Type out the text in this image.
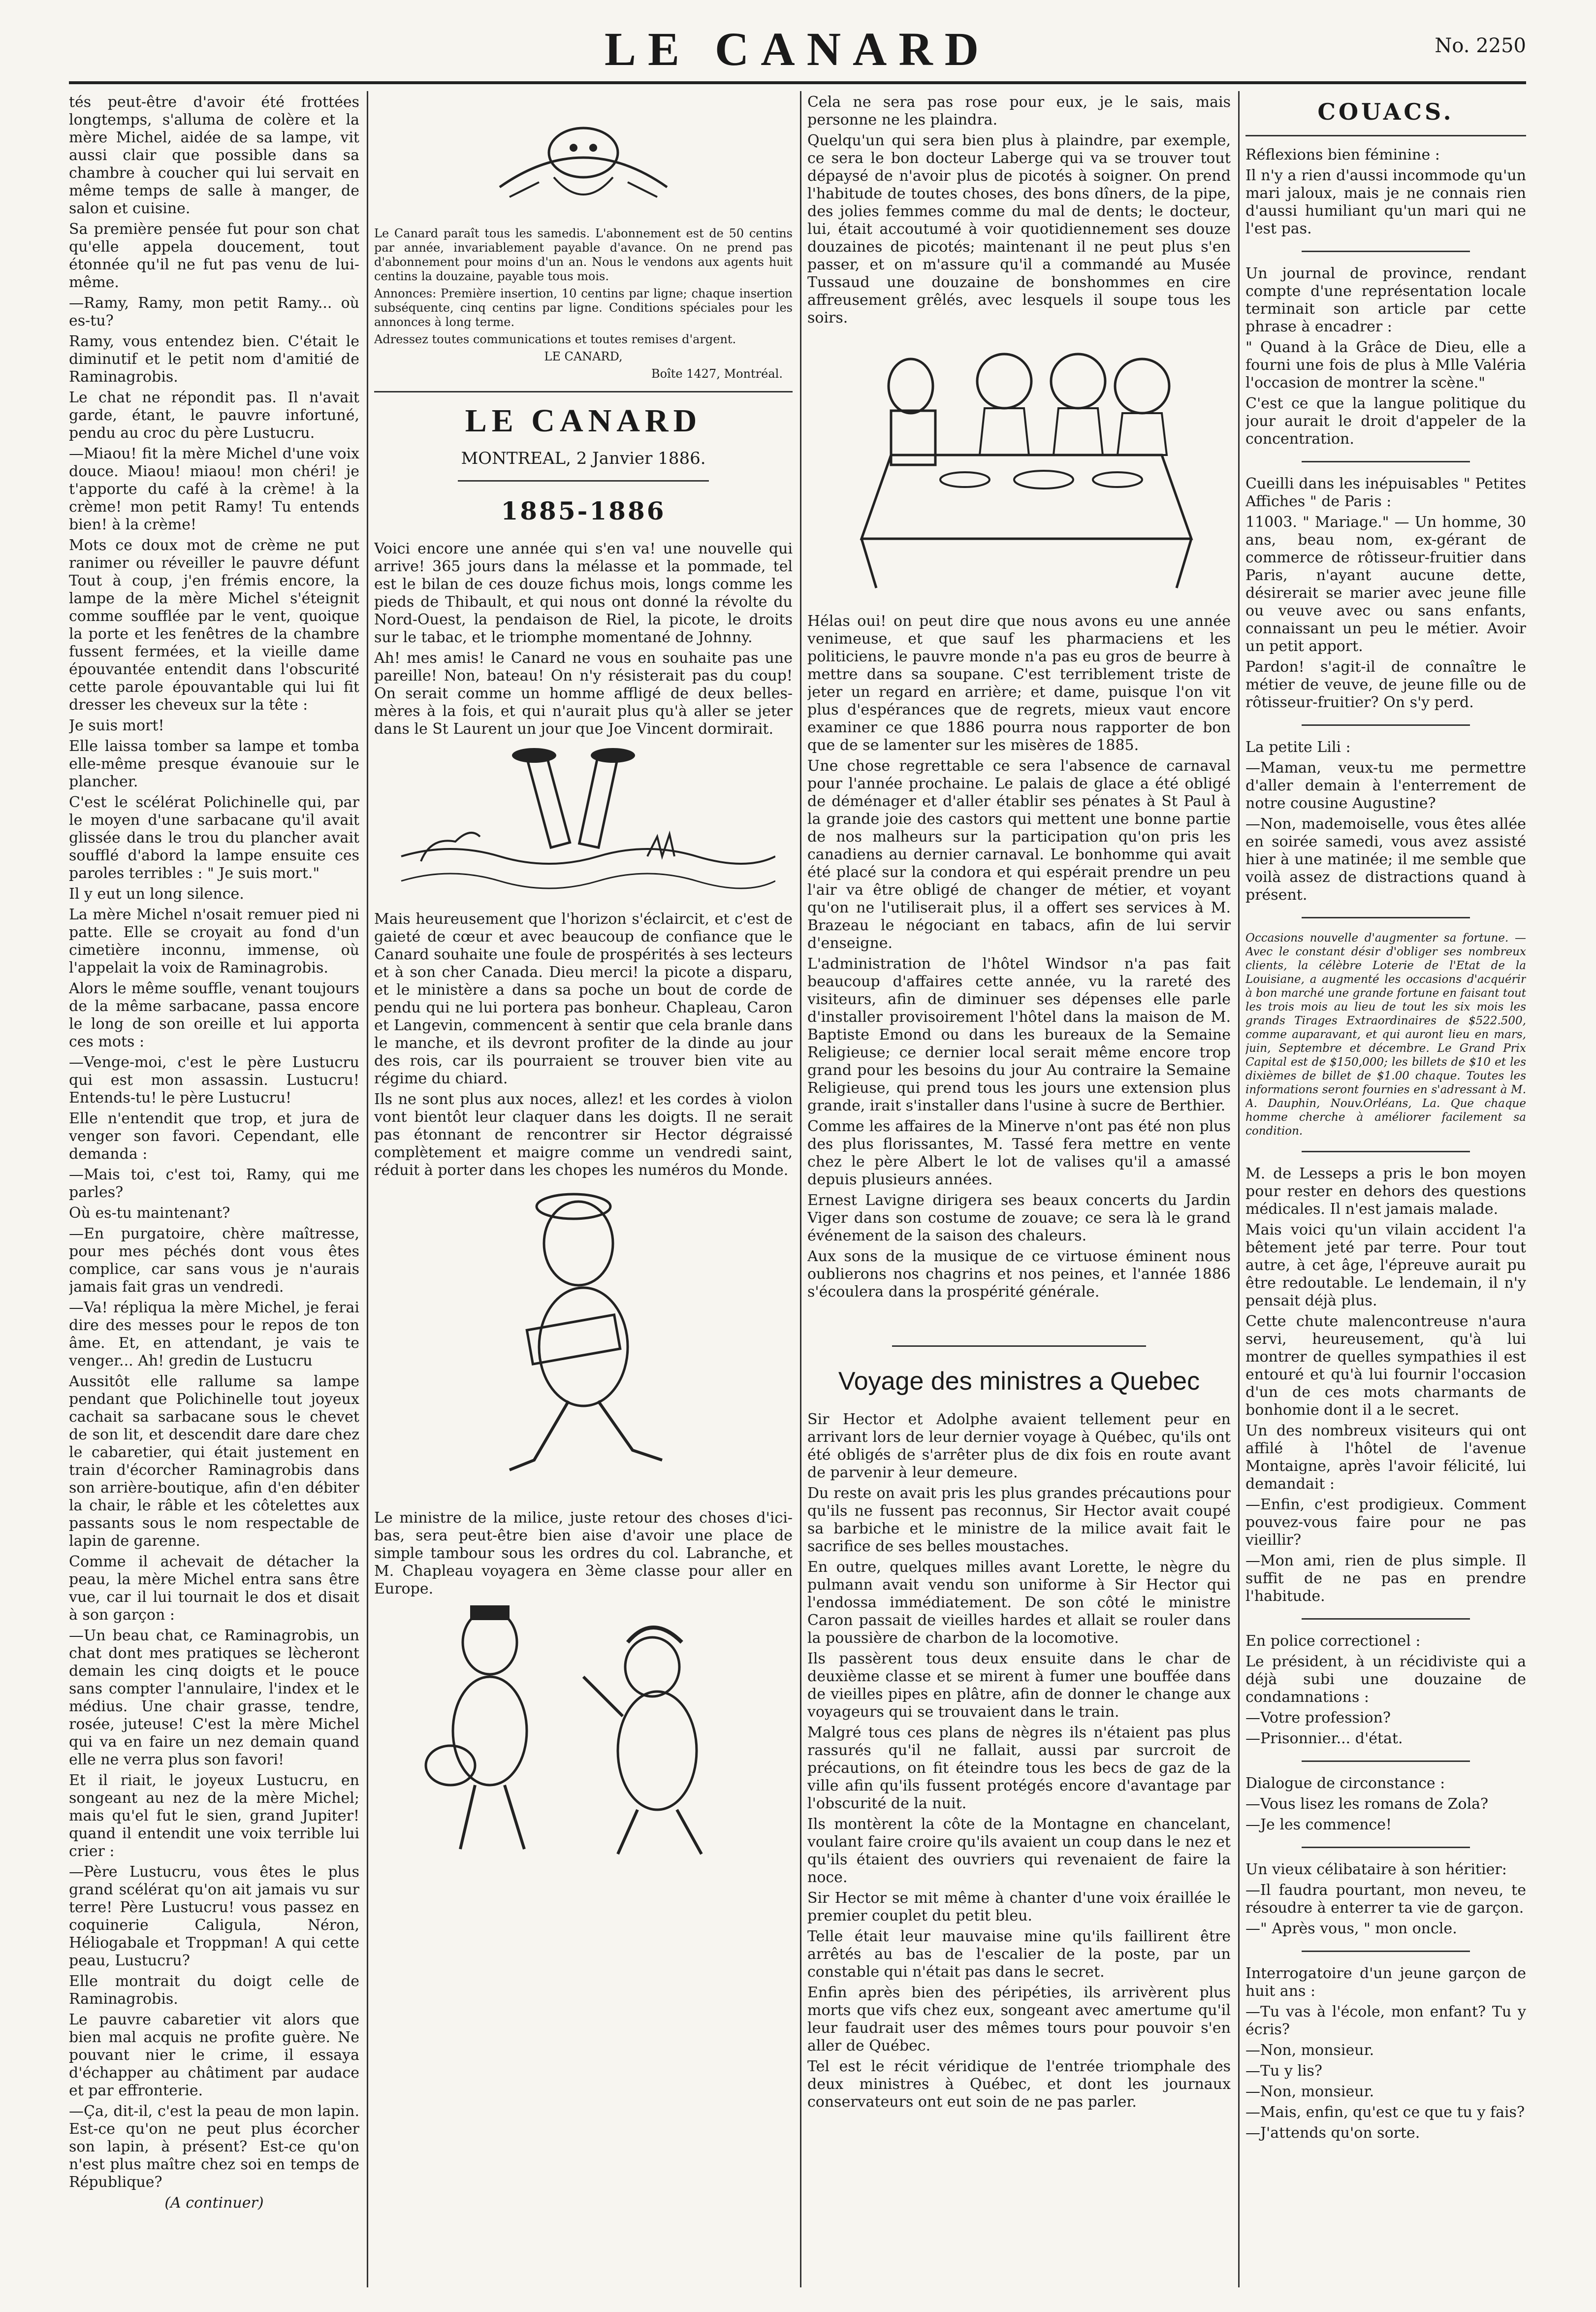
LE CANARD	No. 2250

tés peut-être d'avoir été frottées longtemps, s'alluma de colère et la mère Michel, aidée de sa lampe, vit aussi clair que possible dans sa chambre à coucher qui lui servait en même temps de salle à manger, de salon et cuisine.

Sa première pensée fut pour son chat qu'elle appela doucement, tout étonnée qu'il ne fut pas venu de lui-même.

—Ramy, Ramy, mon petit Ramy... où es-tu?

Ramy, vous entendez bien. C'était le diminutif et le petit nom d'amitié de Raminagrobis.

Le chat ne répondit pas. Il n'avait garde, étant, le pauvre infortuné, pendu au croc du père Lustucru.

—Miaou! fit la mère Michel d'une voix douce. Miaou! miaou! mon chéri! je t'apporte du café à la crème! à la crème! mon petit Ramy! Tu entends bien! à la crème!

Mots ce doux mot de crème ne put ranimer ou réveiller le pauvre défunt Tout à coup, j'en frémis encore, la lampe de la mère Michel s'éteignit comme soufflée par le vent, quoique la porte et les fenêtres de la chambre fussent fermées, et la vieille dame épouvantée entendit dans l'obscurité cette parole épouvantable qui lui fit dresser les cheveux sur la tête :

Je suis mort!

Elle laissa tomber sa lampe et tomba elle-même presque évanouie sur le plancher.

C'est le scélérat Polichinelle qui, par le moyen d'une sarbacane qu'il avait glissée dans le trou du plancher avait soufflé d'abord la lampe ensuite ces paroles terribles : " Je suis mort."

Il y eut un long silence.

La mère Michel n'osait remuer pied ni patte. Elle se croyait au fond d'un cimetière inconnu, immense, où l'appelait la voix de Raminagrobis.

Alors le même souffle, venant toujours de la même sarbacane, passa encore le long de son oreille et lui apporta ces mots :

—Venge-moi, c'est le père Lustucru qui est mon assassin. Lustucru! Entends-tu! le père Lustucru!

Elle n'entendit que trop, et jura de venger son favori. Cependant, elle demanda :

—Mais toi, c'est toi, Ramy, qui me parles?

Où es-tu maintenant?

—En purgatoire, chère maîtresse, pour mes péchés dont vous êtes complice, car sans vous je n'aurais jamais fait gras un vendredi.

—Va! répliqua la mère Michel, je ferai dire des messes pour le repos de ton âme. Et, en attendant, je vais te venger... Ah! gredin de Lustucru

Aussitôt elle rallume sa lampe pendant que Polichinelle tout joyeux cachait sa sarbacane sous le chevet de son lit, et descendit dare dare chez le cabaretier, qui était justement en train d'écorcher Raminagrobis dans son arrière-boutique, afin d'en débiter la chair, le râble et les côtelettes aux passants sous le nom respectable de lapin de garenne.

Comme il achevait de détacher la peau, la mère Michel entra sans être vue, car il lui tournait le dos et disait à son garçon :

—Un beau chat, ce Raminagrobis, un chat dont mes pratiques se lècheront demain les cinq doigts et le pouce sans compter l'annulaire, l'index et le médius. Une chair grasse, tendre, rosée, juteuse! C'est la mère Michel qui va en faire un nez demain quand elle ne verra plus son favori!

Et il riait, le joyeux Lustucru, en songeant au nez de la mère Michel; mais qu'el fut le sien, grand Jupiter! quand il entendit une voix terrible lui crier :

—Père Lustucru, vous êtes le plus grand scélérat qu'on ait jamais vu sur terre! Père Lustucru! vous passez en coquinerie Caligula, Néron, Héliogabale et Troppman! A qui cette peau, Lustucru?

Elle montrait du doigt celle de Raminagrobis.

Le pauvre cabaretier vit alors que bien mal acquis ne profite guère. Ne pouvant nier le crime, il essaya d'échapper au châtiment par audace et par effronterie.

—Ça, dit-il, c'est la peau de mon lapin. Est-ce qu'on ne peut plus écorcher son lapin, à présent? Est-ce qu'on n'est plus maître chez soi en temps de République?

(A continuer)

Le Canard paraît tous les samedis. L'abonnement est de 50 centins par année, invariablement payable d'avance. On ne prend pas d'abonnement pour moins d'un an. Nous le vendons aux agents huit centins la douzaine, payable tous mois.

Annonces: Première insertion, 10 centins par ligne; chaque insertion subséquente, cinq centins par ligne. Conditions spéciales pour les annonces à long terme.

Adressez toutes communications et toutes remises d'argent.

LE CANARD,

Boîte 1427, Montréal.

LE CANARD

MONTREAL, 2 Janvier 1886.

1885-1886

Voici encore une année qui s'en va! une nouvelle qui arrive! 365 jours dans la mélasse et la pommade, tel est le bilan de ces douze fichus mois, longs comme les pieds de Thibault, et qui nous ont donné la révolte du Nord-Ouest, la pendaison de Riel, la picote, le droits sur le tabac, et le triomphe momentané de Johnny.

Ah! mes amis! le Canard ne vous en souhaite pas une pareille! Non, bateau! On n'y résisterait pas du coup! On serait comme un homme affligé de deux belles-mères à la fois, et qui n'aurait plus qu'à aller se jeter dans le St Laurent un jour que Joe Vincent dormirait.

Mais heureusement que l'horizon s'éclaircit, et c'est de gaieté de cœur et avec beaucoup de confiance que le Canard souhaite une foule de prospérités à ses lecteurs et à son cher Canada. Dieu merci! la picote a disparu, et le ministère a dans sa poche un bout de corde de pendu qui ne lui portera pas bonheur. Chapleau, Caron et Langevin, commencent à sentir que cela branle dans le manche, et ils devront profiter de la dinde au jour des rois, car ils pourraient se trouver bien vite au régime du chiard.

Ils ne sont plus aux noces, allez! et les cordes à violon vont bientôt leur claquer dans les doigts. Il ne serait pas étonnant de rencontrer sir Hector dégraissé complètement et maigre comme un vendredi saint, réduit à porter dans les chopes les numéros du Monde.

Le ministre de la milice, juste retour des choses d'ici-bas, sera peut-être bien aise d'avoir une place de simple tambour sous les ordres du col. Labranche, et M. Chapleau voyagera en 3ème classe pour aller en Europe.

Cela ne sera pas rose pour eux, je le sais, mais personne ne les plaindra.

Quelqu'un qui sera bien plus à plaindre, par exemple, ce sera le bon docteur Laberge qui va se trouver tout dépaysé de n'avoir plus de picotés à soigner. On prend l'habitude de toutes choses, des bons dîners, de la pipe, des jolies femmes comme du mal de dents; le docteur, lui, était accoutumé à voir quotidiennement ses douze douzaines de picotés; maintenant il ne peut plus s'en passer, et on m'assure qu'il a commandé au Musée Tussaud une douzaine de bonshommes en cire affreusement grêlés, avec lesquels il soupe tous les soirs.

Hélas oui! on peut dire que nous avons eu une année venimeuse, et que sauf les pharmaciens et les politiciens, le pauvre monde n'a pas eu gros de beurre à mettre dans sa soupane. C'est terriblement triste de jeter un regard en arrière; et dame, puisque l'on vit plus d'espérances que de regrets, mieux vaut encore examiner ce que 1886 pourra nous rapporter de bon que de se lamenter sur les misères de 1885.

Une chose regrettable ce sera l'absence de carnaval pour l'année prochaine. Le palais de glace a été obligé de déménager et d'aller établir ses pénates à St Paul à la grande joie des castors qui mettent une bonne partie de nos malheurs sur la participation qu'on pris les canadiens au dernier carnaval. Le bonhomme qui avait été placé sur la condora et qui espérait prendre un peu l'air va être obligé de changer de métier, et voyant qu'on ne l'utiliserait plus, il a offert ses services à M. Brazeau le négociant en tabacs, afin de lui servir d'enseigne.

L'administration de l'hôtel Windsor n'a pas fait beaucoup d'affaires cette année, vu la rareté des visiteurs, afin de diminuer ses dépenses elle parle d'installer provisoirement l'hôtel dans la maison de M. Baptiste Emond ou dans les bureaux de la Semaine Religieuse; ce dernier local serait même encore trop grand pour les besoins du jour Au contraire la Semaine Religieuse, qui prend tous les jours une extension plus grande, irait s'installer dans l'usine à sucre de Berthier.

Comme les affaires de la Minerve n'ont pas été non plus des plus florissantes, M. Tassé fera mettre en vente chez le père Albert le lot de valises qu'il a amassé depuis plusieurs années.

Ernest Lavigne dirigera ses beaux concerts du Jardin Viger dans son costume de zouave; ce sera là le grand événement de la saison des chaleurs.

Aux sons de la musique de ce virtuose éminent nous oublierons nos chagrins et nos peines, et l'année 1886 s'écoulera dans la prospérité générale.

Voyage des ministres a Quebec

Sir Hector et Adolphe avaient tellement peur en arrivant lors de leur dernier voyage à Québec, qu'ils ont été obligés de s'arrêter plus de dix fois en route avant de parvenir à leur demeure.

Du reste on avait pris les plus grandes précautions pour qu'ils ne fussent pas reconnus, Sir Hector avait coupé sa barbiche et le ministre de la milice avait fait le sacrifice de ses belles moustaches.

En outre, quelques milles avant Lorette, le nègre du pulmann avait vendu son uniforme à Sir Hector qui l'endossa immédiatement. De son côté le ministre Caron passait de vieilles hardes et allait se rouler dans la poussière de charbon de la locomotive.

Ils passèrent tous deux ensuite dans le char de deuxième classe et se mirent à fumer une bouffée dans de vieilles pipes en plâtre, afin de donner le change aux voyageurs qui se trouvaient dans le train.

Malgré tous ces plans de nègres ils n'étaient pas plus rassurés qu'il ne fallait, aussi par surcroit de précautions, on fit éteindre tous les becs de gaz de la ville afin qu'ils fussent protégés encore d'avantage par l'obscurité de la nuit.

Ils montèrent la côte de la Montagne en chancelant, voulant faire croire qu'ils avaient un coup dans le nez et qu'ils étaient des ouvriers qui revenaient de faire la noce.

Sir Hector se mit même à chanter d'une voix éraillée le premier couplet du petit bleu.

Telle était leur mauvaise mine qu'ils faillirent être arrêtés au bas de l'escalier de la poste, par un constable qui n'était pas dans le secret.

Enfin après bien des péripéties, ils arrivèrent plus morts que vifs chez eux, songeant avec amertume qu'il leur faudrait user des mêmes tours pour pouvoir s'en aller de Québec.

Tel est le récit véridique de l'entrée triomphale des deux ministres à Québec, et dont les journaux conservateurs ont eut soin de ne pas parler.

COUACS.

Réflexions bien féminine :

Il n'y a rien d'aussi incommode qu'un mari jaloux, mais je ne connais rien d'aussi humiliant qu'un mari qui ne l'est pas.

Un journal de province, rendant compte d'une représentation locale terminait son article par cette phrase à encadrer :

" Quand à la Grâce de Dieu, elle a fourni une fois de plus à Mlle Valéria l'occasion de montrer la scène."

C'est ce que la langue politique du jour aurait le droit d'appeler de la concentration.

Cueilli dans les inépuisables " Petites Affiches " de Paris :

11003. " Mariage." — Un homme, 30 ans, beau nom, ex-gérant de commerce de rôtisseur-fruitier dans Paris, n'ayant aucune dette, désirerait se marier avec jeune fille ou veuve avec ou sans enfants, connaissant un peu le métier. Avoir un petit apport.

Pardon! s'agit-il de connaître le métier de veuve, de jeune fille ou de rôtisseur-fruitier? On s'y perd.

La petite Lili :

—Maman, veux-tu me permettre d'aller demain à l'enterrement de notre cousine Augustine?

—Non, mademoiselle, vous êtes allée en soirée samedi, vous avez assisté hier à une matinée; il me semble que voilà assez de distractions quand à présent.

Occasions nouvelle d'augmenter sa fortune. — Avec le constant désir d'obliger ses nombreux clients, la célèbre Loterie de l'Etat de la Louisiane, a augmenté les occasions d'acquérir à bon marché une grande fortune en faisant tout les trois mois au lieu de tout les six mois les grands Tirages Extraordinaires de $522.500, comme auparavant, et qui auront lieu en mars, juin, Septembre et décembre. Le Grand Prix Capital est de $150,000; les billets de $10 et les dixièmes de billet de $1.00 chaque. Toutes les informations seront fournies en s'adressant à M. A. Dauphin, Nouv.Orléans, La. Que chaque homme cherche à améliorer facilement sa condition.

M. de Lesseps a pris le bon moyen pour rester en dehors des questions médicales. Il n'est jamais malade.

Mais voici qu'un vilain accident l'a bêtement jeté par terre. Pour tout autre, à cet âge, l'épreuve aurait pu être redoutable. Le lendemain, il n'y pensait déjà plus.

Cette chute malencontreuse n'aura servi, heureusement, qu'à lui montrer de quelles sympathies il est entouré et qu'à lui fournir l'occasion d'un de ces mots charmants de bonhomie dont il a le secret.

Un des nombreux visiteurs qui ont affilé à l'hôtel de l'avenue Montaigne, après l'avoir félicité, lui demandait :

—Enfin, c'est prodigieux. Comment pouvez-vous faire pour ne pas vieillir?

—Mon ami, rien de plus simple. Il suffit de ne pas en prendre l'habitude.

En police correctionel :

Le président, à un récidiviste qui a déjà subi une douzaine de condamnations :

—Votre profession?

—Prisonnier... d'état.

Dialogue de circonstance :

—Vous lisez les romans de Zola?

—Je les commence!

Un vieux célibataire à son héritier:

—Il faudra pourtant, mon neveu, te résoudre à enterrer ta vie de garçon.

—" Après vous, " mon oncle.

Interrogatoire d'un jeune garçon de huit ans :

—Tu vas à l'école, mon enfant? Tu y écris?

—Non, monsieur.

—Tu y lis?

—Non, monsieur.

—Mais, enfin, qu'est ce que tu y fais?

—J'attends qu'on sorte.
